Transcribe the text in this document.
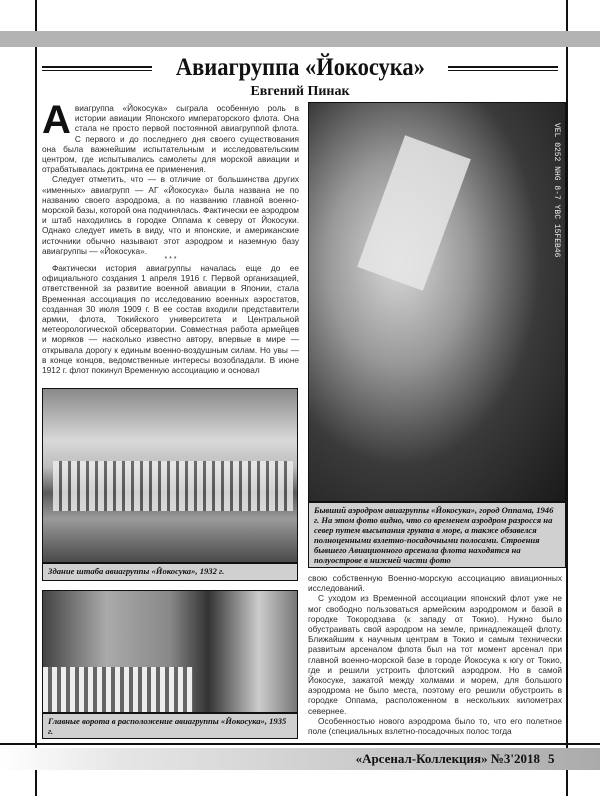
Авиагруппа «Йокосука»
Евгений Пинак

Авиагруппа «Йокосука» сыграла особенную роль в истории авиации Японского императорского флота. Она стала не просто первой постоянной авиагруппой флота. С первого и до последнего дня своего существования она была важнейшим испытательным и исследовательским центром, где испытывались самолеты для морской авиации и отрабатывалась доктрина ее применения.

Следует отметить, что — в отличие от большинства других «именных» авиагрупп — АГ «Йокосука» была названа не по названию своего аэродрома, а по названию главной военно-морской базы, которой она подчинялась. Фактически ее аэродром и штаб находились в городке Оппама к северу от Йокосуки. Однако следует иметь в виду, что и японские, и американские источники обычно называют этот аэродром и наземную базу авиагруппы — «Йокосука».

* * *

Фактически история авиагруппы началась еще до ее официального создания 1 апреля 1916 г. Первой организацией, ответственной за развитие военной авиации в Японии, стала Временная ассоциация по исследованию военных аэростатов, созданная 30 июля 1909 г. В ее состав входили представители армии, флота, Токийского университета и Центральной метеорологической обсерватории. Совместная работа армейцев и моряков — насколько известно автору, впервые в мире — открывала дорогу к единым военно-воздушным силам. Но увы — в конце концов, ведомственные интересы возобладали. В июне 1912 г. флот покинул Временную ассоциацию и основал

Здание штаба авиагруппы «Йокосука», 1932 г.
Главные ворота в расположение авиагруппы «Йокосука», 1935 г.
VEL 0252 NHG 8-7 YBC 15FEB46
Бывший аэродром авиагруппы «Йокосука», город Оппама, 1946 г. На этом фото видно, что со временем аэродром разросся на север путем высыпания грунта в море, а также обзавелся полноценными взлетно-посадочными полосами. Строения бывшего Авиационного арсенала флота находятся на полуострове в нижней части фото

свою собственную Военно-морскую ассоциацию авиационных исследований.

С уходом из Временной ассоциации японский флот уже не мог свободно пользоваться армейским аэродромом и базой в городке Токородзава (к западу от Токио). Нужно было обустраивать свой аэродром на земле, принадлежащей флоту. Ближайшим к научным центрам в Токио и самым технически развитым арсеналом флота был на тот момент арсенал при главной военно-морской базе в городе Йокосука к югу от Токио, где и решили устроить флотский аэродром. Но в самой Йокосуке, зажатой между холмами и морем, для большого аэродрома не было места, поэтому его решили обустроить в городке Оппама, расположенном в нескольких километрах севернее.

Особенностью нового аэродрома было то, что его полетное поле (специальных взлетно-посадочных полос тогда

«Арсенал-Коллекция» №3'2018 5
